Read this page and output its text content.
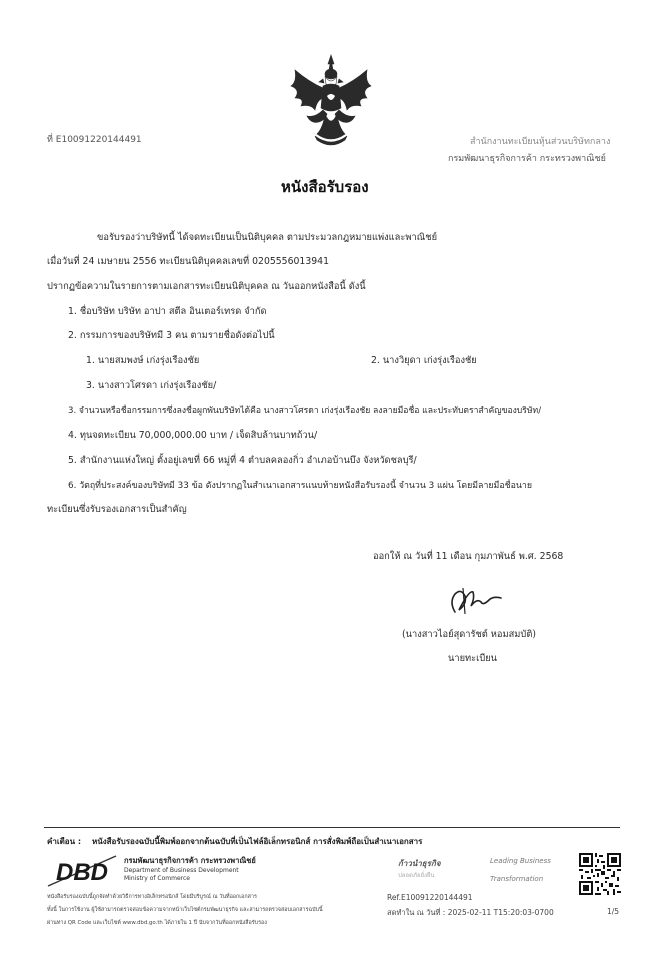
ที่ E10091220144491	สำนักงานทะเบียนหุ้นส่วนบริษัทกลาง
กรมพัฒนาธุรกิจการค้า กระทรวงพาณิชย์
หนังสือรับรอง
ขอรับรองว่าบริษัทนี้ ได้จดทะเบียนเป็นนิติบุคคล ตามประมวลกฎหมายแพ่งและพาณิชย์
เมื่อวันที่ 24 เมษายน 2556 ทะเบียนนิติบุคคลเลขที่ 0205556013941
ปรากฏข้อความในรายการตามเอกสารทะเบียนนิติบุคคล ณ วันออกหนังสือนี้ ดังนี้
1. ชื่อบริษัท บริษัท อาปา สตีล อินเตอร์เทรด จำกัด
2. กรรมการของบริษัทมี 3 คน ตามรายชื่อดังต่อไปนี้
1. นายสมพงษ์ เก่งรุ่งเรืองชัย	2. นางวิยุดา เก่งรุ่งเรืองชัย
3. นางสาวโศรดา เก่งรุ่งเรืองชัย/
3. จำนวนหรือชื่อกรรมการซึ่งลงชื่อผูกพันบริษัทได้คือ นางสาวโศรดา เก่งรุ่งเรืองชัย ลงลายมือชื่อ และประทับตราสำคัญของบริษัท/
4. ทุนจดทะเบียน 70,000,000.00 บาท / เจ็ดสิบล้านบาทถ้วน/
5. สำนักงานแห่งใหญ่ ตั้งอยู่เลขที่ 66 หมู่ที่ 4 ตำบลคลองกิ่ว อำเภอบ้านบึง จังหวัดชลบุรี/
6. วัตถุที่ประสงค์ของบริษัทมี 33 ข้อ ดังปรากฏในสำเนาเอกสารแนบท้ายหนังสือรับรองนี้ จำนวน 3 แผ่น โดยมีลายมือชื่อนาย
ทะเบียนซึ่งรับรองเอกสารเป็นสำคัญ
ออกให้ ณ วันที่ 11 เดือน กุมภาพันธ์ พ.ศ. 2568
(นางสาวไอย์สุดารัชต์ หอมสมบัติ)
นายทะเบียน
คำเตือน : หนังสือรับรองฉบับนี้พิมพ์ออกจากต้นฉบับที่เป็นไฟล์อิเล็กทรอนิกส์ การสั่งพิมพ์ถือเป็นสำเนาเอกสาร
DBD กรมพัฒนาธุรกิจการค้า กระทรวงพาณิชย์
Department of Business Development
Ministry of Commerce
ก้าวนำธุรกิจ
ปลอดภัยยั่งยืน
Leading Business
Transformation
หนังสือรับรองฉบับนี้ถูกจัดทำด้วยวิธีการทางอิเล็กทรอนิกส์ โดยมีบริบูรณ์ ณ วันที่ออกเอกสาร
ทั้งนี้ ในการใช้งาน ผู้ใช้สามารถตรวจสอบข้อความจากหน้าเว็บไซต์กรมพัฒนาธุรกิจ และสามารถตรวจสอบเอกสารฉบับนี้
ผ่านทาง QR Code และเว็บไซต์ www.dbd.go.th ได้ภายใน 1 ปี นับจากวันที่ออกหนังสือรับรอง
Ref.E10091220144491
สดทำใน ณ วันที่ : 2025-02-11 T15:20:03-0700	1/5
